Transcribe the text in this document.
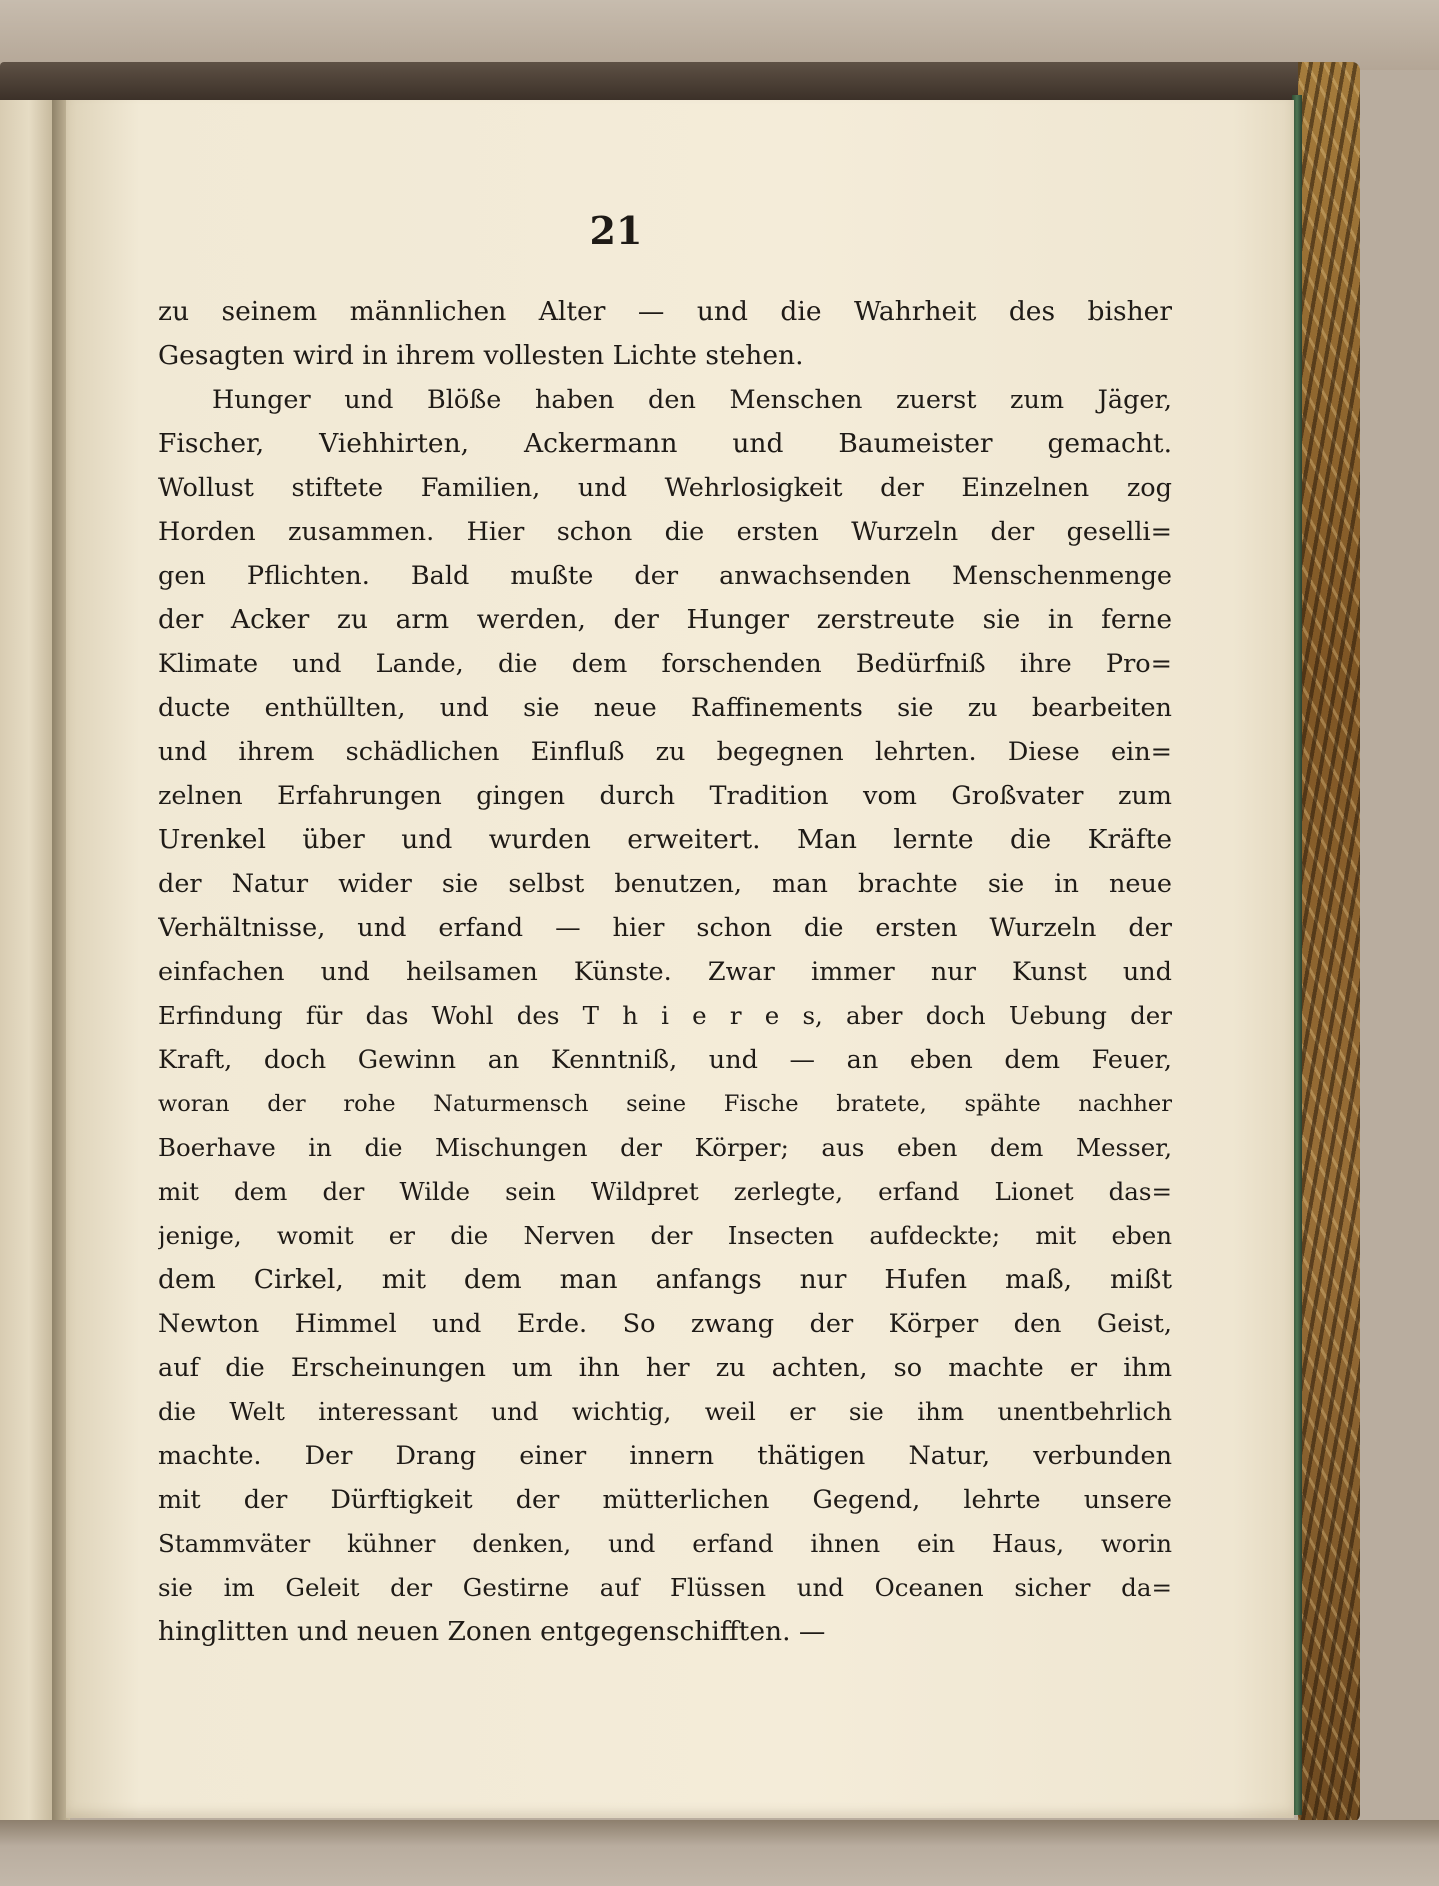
21
zu seinem männlichen Alter — und die Wahrheit des bisher
Gesagten wird in ihrem vollesten Lichte stehen.
Hunger und Blöße haben den Menschen zuerst zum Jäger,
Fischer, Viehhirten, Ackermann und Baumeister gemacht.
Wollust stiftete Familien, und Wehrlosigkeit der Einzelnen zog
Horden zusammen. Hier schon die ersten Wurzeln der geselli=
gen Pflichten. Bald mußte der anwachsenden Menschenmenge
der Acker zu arm werden, der Hunger zerstreute sie in ferne
Klimate und Lande, die dem forschenden Bedürfniß ihre Pro=
ducte enthüllten, und sie neue Raffinements sie zu bearbeiten
und ihrem schädlichen Einfluß zu begegnen lehrten. Diese ein=
zelnen Erfahrungen gingen durch Tradition vom Großvater zum
Urenkel über und wurden erweitert. Man lernte die Kräfte
der Natur wider sie selbst benutzen, man brachte sie in neue
Verhältnisse, und erfand — hier schon die ersten Wurzeln der
einfachen und heilsamen Künste. Zwar immer nur Kunst und
Erfindung für das Wohl des T h i e r e s, aber doch Uebung der
Kraft, doch Gewinn an Kenntniß, und — an eben dem Feuer,
woran der rohe Naturmensch seine Fische bratete, spähte nachher
Boerhave in die Mischungen der Körper; aus eben dem Messer,
mit dem der Wilde sein Wildpret zerlegte, erfand Lionet das=
jenige, womit er die Nerven der Insecten aufdeckte; mit eben
dem Cirkel, mit dem man anfangs nur Hufen maß, mißt
Newton Himmel und Erde. So zwang der Körper den Geist,
auf die Erscheinungen um ihn her zu achten, so machte er ihm
die Welt interessant und wichtig, weil er sie ihm unentbehrlich
machte. Der Drang einer innern thätigen Natur, verbunden
mit der Dürftigkeit der mütterlichen Gegend, lehrte unsere
Stammväter kühner denken, und erfand ihnen ein Haus, worin
sie im Geleit der Gestirne auf Flüssen und Oceanen sicher da=
hinglitten und neuen Zonen entgegenschifften. —
